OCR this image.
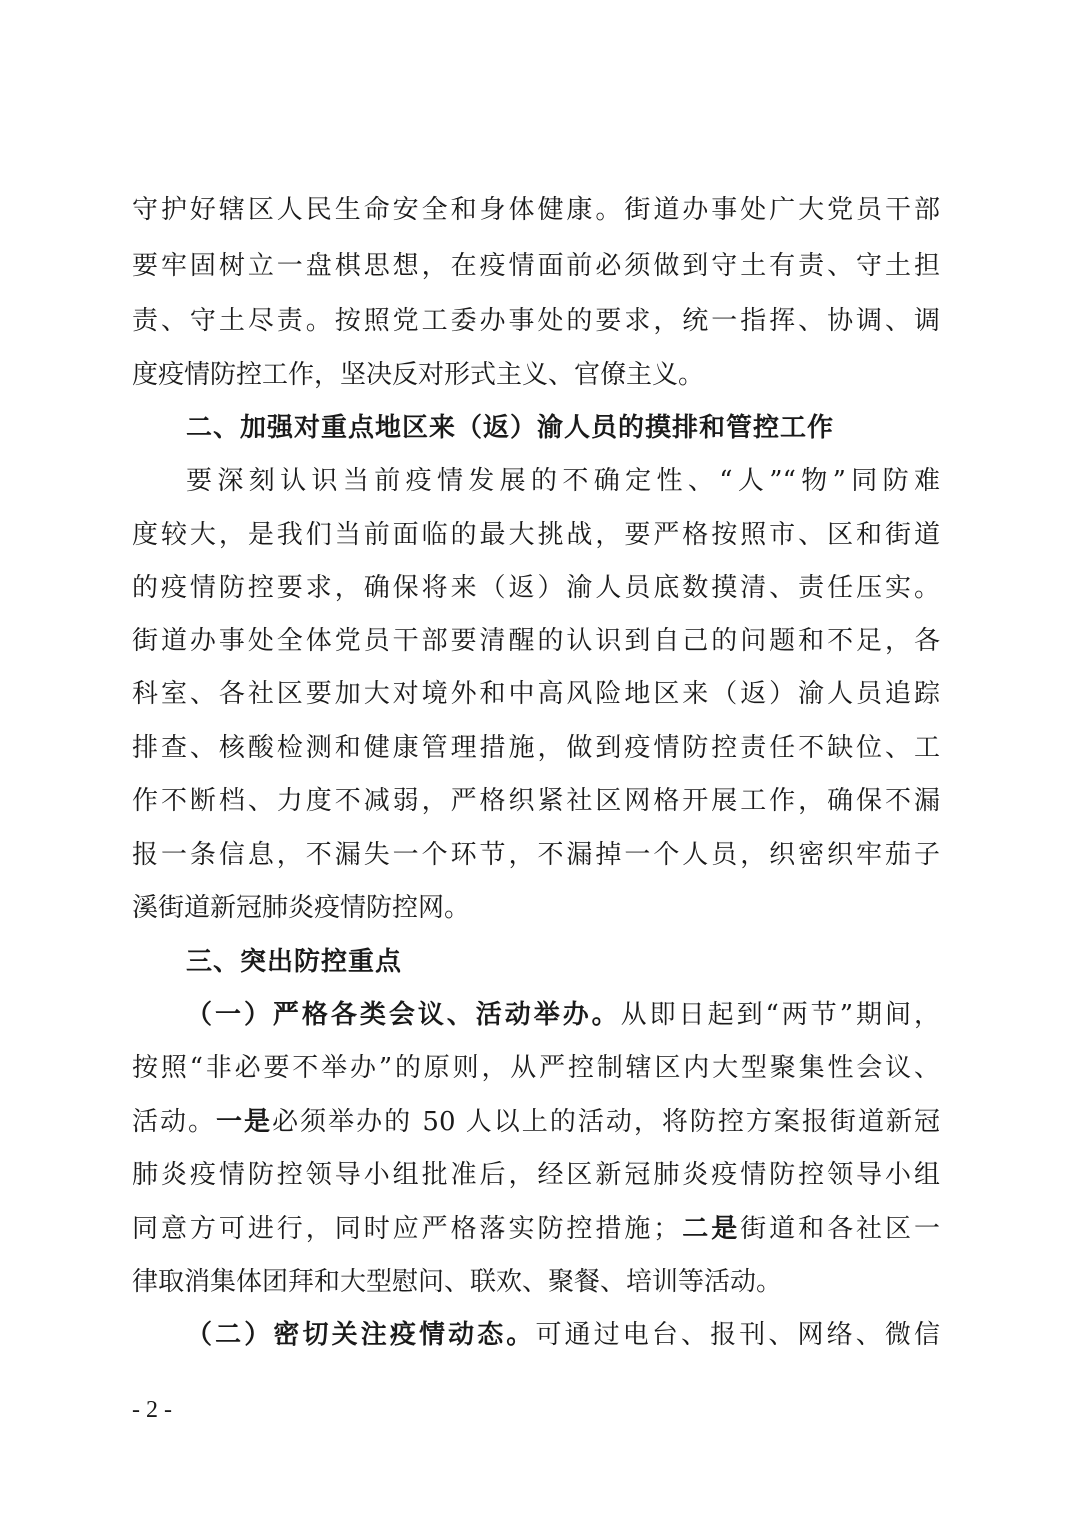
守护好辖区人民生命安全和身体健康。街道办事处广大党员干部
要牢固树立一盘棋思想，在疫情面前必须做到守土有责、守土担
责、守土尽责。按照党工委办事处的要求，统一指挥、协调、调
度疫情防控工作，坚决反对形式主义、官僚主义。
二、加强对重点地区来（返）渝人员的摸排和管控工作
要深刻认识当前疫情发展的不确定性、“人”“物”同防难
度较大，是我们当前面临的最大挑战，要严格按照市、区和街道
的疫情防控要求，确保将来（返）渝人员底数摸清、责任压实。
街道办事处全体党员干部要清醒的认识到自己的问题和不足，各
科室、各社区要加大对境外和中高风险地区来（返）渝人员追踪
排查、核酸检测和健康管理措施，做到疫情防控责任不缺位、工
作不断档、力度不减弱，严格织紧社区网格开展工作，确保不漏
报一条信息，不漏失一个环节，不漏掉一个人员，织密织牢茄子
溪街道新冠肺炎疫情防控网。
三、突出防控重点
（一）严格各类会议、活动举办。从即日起到“两节”期间，
按照“非必要不举办”的原则，从严控制辖区内大型聚集性会议、
活动。一是必须举办的 50 人以上的活动，将防控方案报街道新冠
肺炎疫情防控领导小组批准后，经区新冠肺炎疫情防控领导小组
同意方可进行，同时应严格落实防控措施；二是街道和各社区一
律取消集体团拜和大型慰问、联欢、聚餐、培训等活动。
（二）密切关注疫情动态。可通过电台、报刊、网络、微信
- 2 -
